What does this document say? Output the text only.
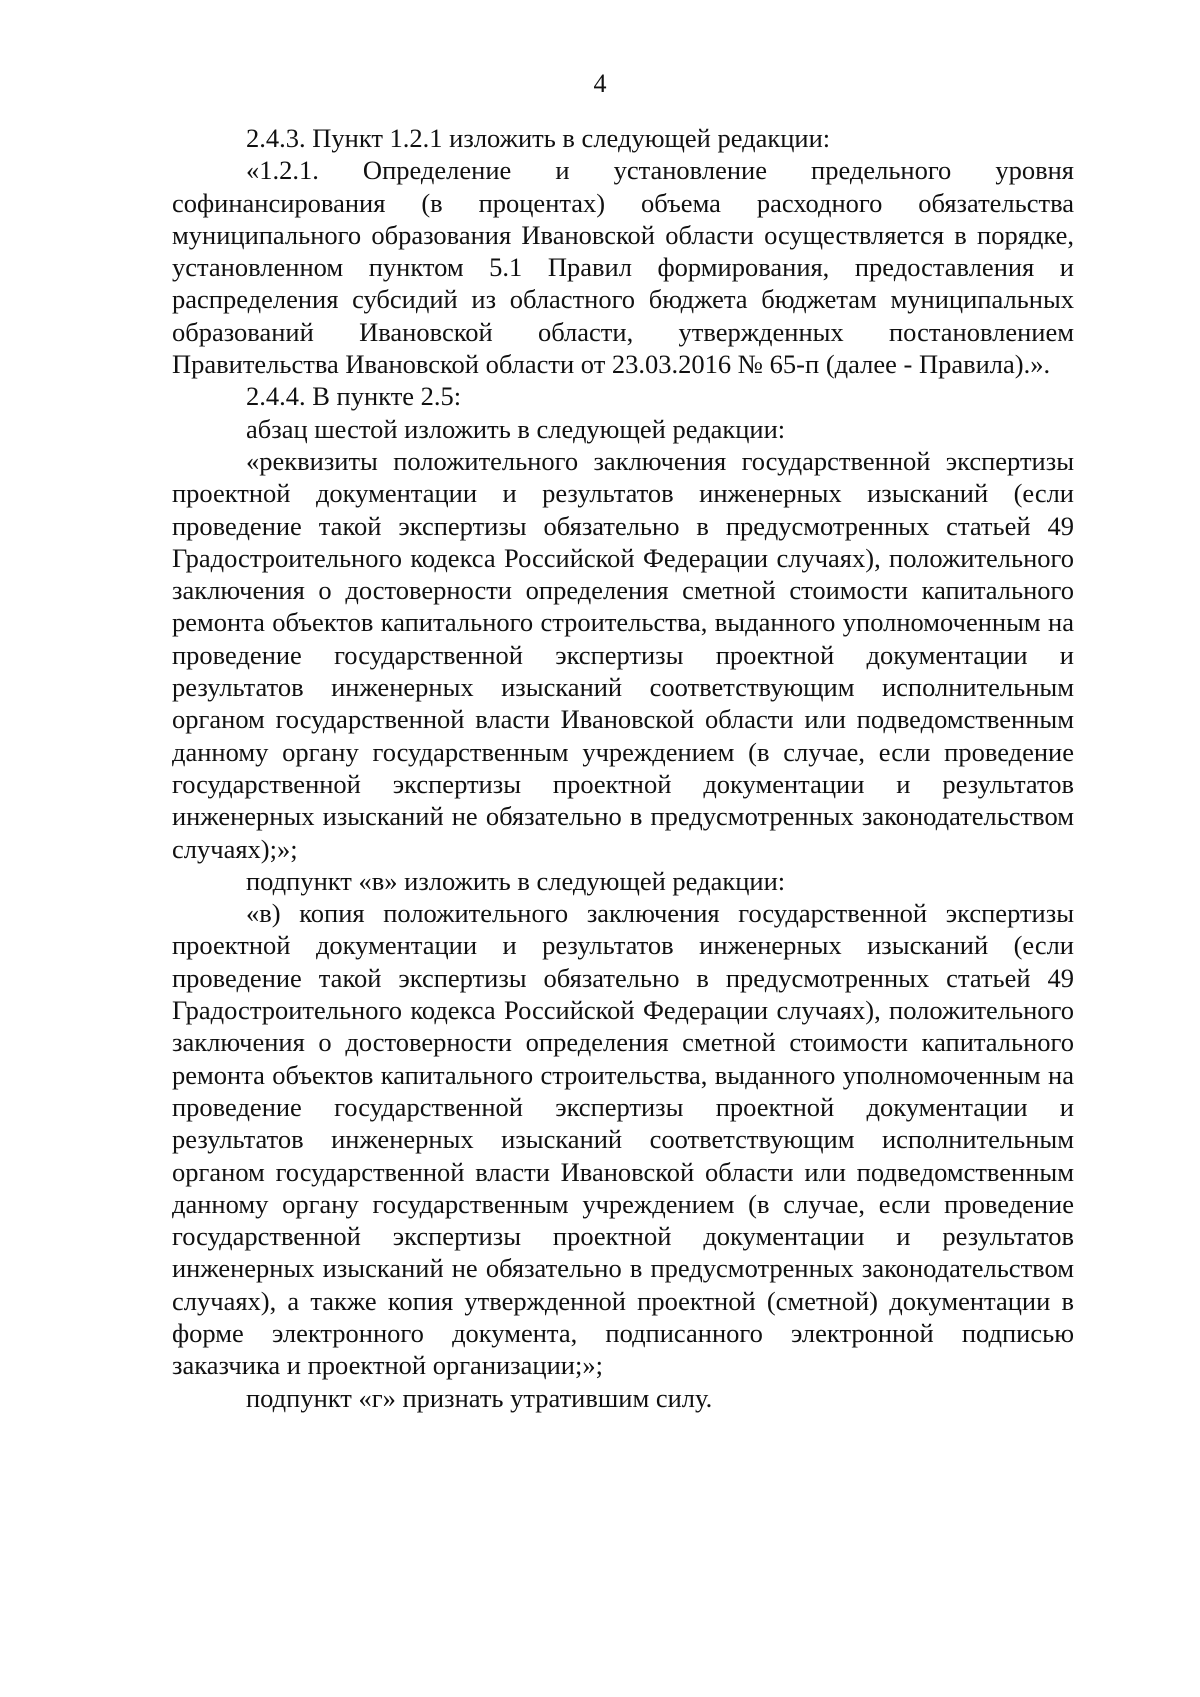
4

2.4.3. Пункт 1.2.1 изложить в следующей редакции:

«1.2.1. Определение и установление предельного уровня софинансирования (в процентах) объема расходного обязательства муниципального образования Ивановской области осуществляется в порядке, установленном пунктом 5.1 Правил формирования, предоставления и распределения субсидий из областного бюджета бюджетам муниципальных образований Ивановской области, утвержденных постановлением Правительства Ивановской области от 23.03.2016 № 65-п (далее - Правила).».

2.4.4. В пункте 2.5:

абзац шестой изложить в следующей редакции:

«реквизиты положительного заключения государственной экспертизы проектной документации и результатов инженерных изысканий (если проведение такой экспертизы обязательно в предусмотренных статьей 49 Градостроительного кодекса Российской Федерации случаях), положительного заключения о достоверности определения сметной стоимости капитального ремонта объектов капитального строительства, выданного уполномоченным на проведение государственной экспертизы проектной документации и результатов инженерных изысканий соответствующим исполнительным органом государственной власти Ивановской области или подведомственным данному органу государственным учреждением (в случае, если проведение государственной экспертизы проектной документации и результатов инженерных изысканий не обязательно в предусмотренных законодательством случаях);»;

подпункт «в» изложить в следующей редакции:

«в) копия положительного заключения государственной экспертизы проектной документации и результатов инженерных изысканий (если проведение такой экспертизы обязательно в предусмотренных статьей 49 Градостроительного кодекса Российской Федерации случаях), положительного заключения о достоверности определения сметной стоимости капитального ремонта объектов капитального строительства, выданного уполномоченным на проведение государственной экспертизы проектной документации и результатов инженерных изысканий соответствующим исполнительным органом государственной власти Ивановской области или подведомственным данному органу государственным учреждением (в случае, если проведение государственной экспертизы проектной документации и результатов инженерных изысканий не обязательно в предусмотренных законодательством случаях), а также копия утвержденной проектной (сметной) документации в форме электронного документа, подписанного электронной подписью заказчика и проектной организации;»;

подпункт «г» признать утратившим силу.
